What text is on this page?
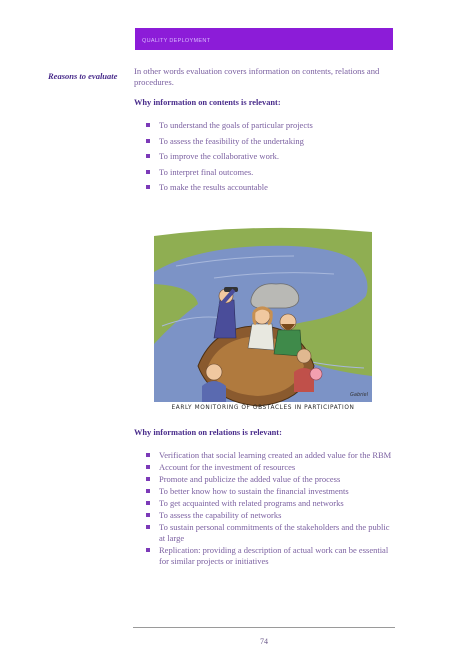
QUALITY DEPLOYMENT
Reasons to evaluate	In other words evaluation covers information on contents, relations and procedures.

Why information on contents is relevant:
To understand the goals of particular projects
To assess the feasibility of the undertaking
To improve the collaborative work.
To interpret final outcomes.
To make the results accountable
Gabriel
EARLY MONITORING OF OBSTACLES IN PARTICIPATION
Why information on relations is relevant:
Verification that social learning created an added value for the RBM
Account for the investment of resources
Promote and publicize the added value of the process
To better know how to sustain the financial investments
To get acquainted with related programs and networks
To assess the capability of networks
To sustain personal commitments of the stakeholders and the public at large
Replication: providing a description of actual work can be essential for similar projects or initiatives
74
